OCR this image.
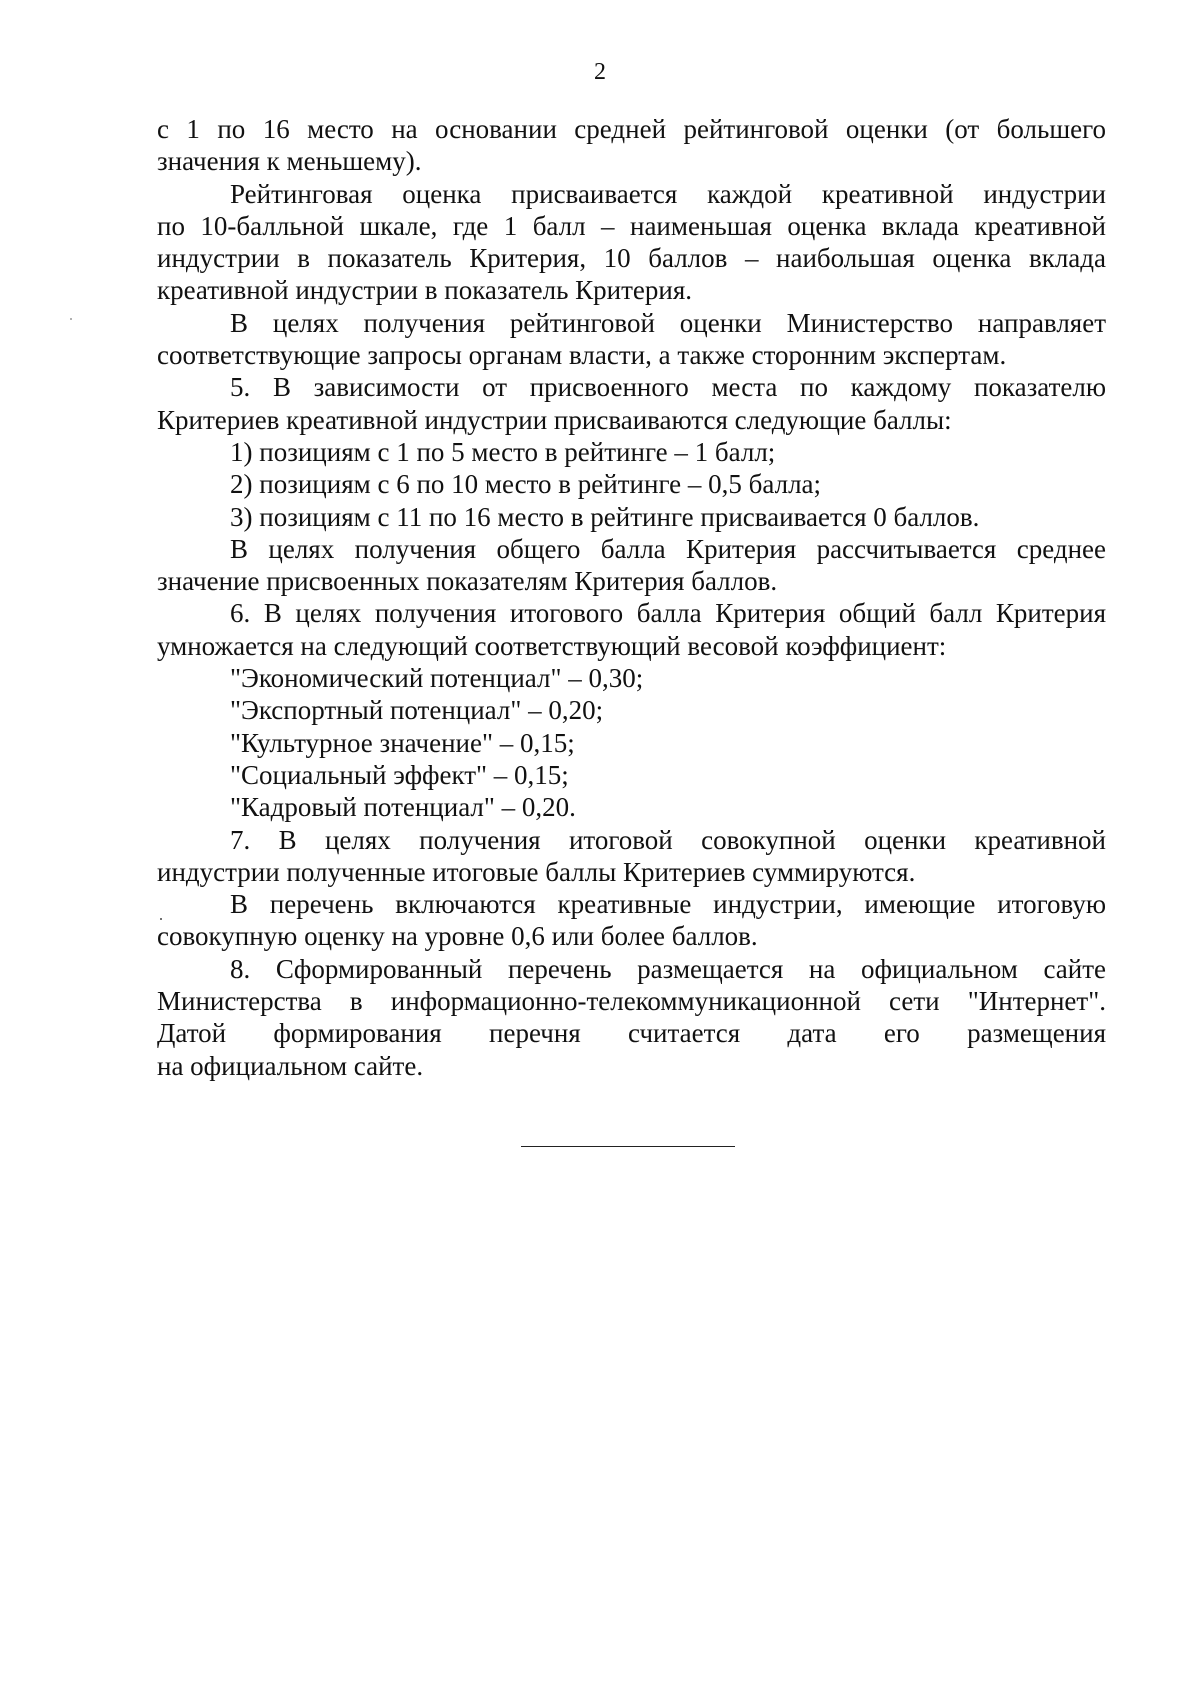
2
с 1 по 16 место на основании средней рейтинговой оценки (от большего
значения к меньшему).
Рейтинговая оценка присваивается каждой креативной индустрии
по 10-балльной шкале, где 1 балл – наименьшая оценка вклада креативной
индустрии в показатель Критерия, 10 баллов – наибольшая оценка вклада
креативной индустрии в показатель Критерия.
В целях получения рейтинговой оценки Министерство направляет
соответствующие запросы органам власти, а также сторонним экспертам.
5. В зависимости от присвоенного места по каждому показателю
Критериев креативной индустрии присваиваются следующие баллы:
1) позициям с 1 по 5 место в рейтинге – 1 балл;
2) позициям с 6 по 10 место в рейтинге – 0,5 балла;
3) позициям с 11 по 16 место в рейтинге присваивается 0 баллов.
В целях получения общего балла Критерия рассчитывается среднее
значение присвоенных показателям Критерия баллов.
6. В целях получения итогового балла Критерия общий балл Критерия
умножается на следующий соответствующий весовой коэффициент:
"Экономический потенциал" – 0,30;
"Экспортный потенциал" – 0,20;
"Культурное значение" – 0,15;
"Социальный эффект" – 0,15;
"Кадровый потенциал" – 0,20.
7. В целях получения итоговой совокупной оценки креативной
индустрии полученные итоговые баллы Критериев суммируются.
В перечень включаются креативные индустрии, имеющие итоговую
совокупную оценку на уровне 0,6 или более баллов.
8. Сформированный перечень размещается на официальном сайте
Министерства в информационно-телекоммуникационной сети "Интернет".
Датой формирования перечня считается дата его размещения
на официальном сайте.
